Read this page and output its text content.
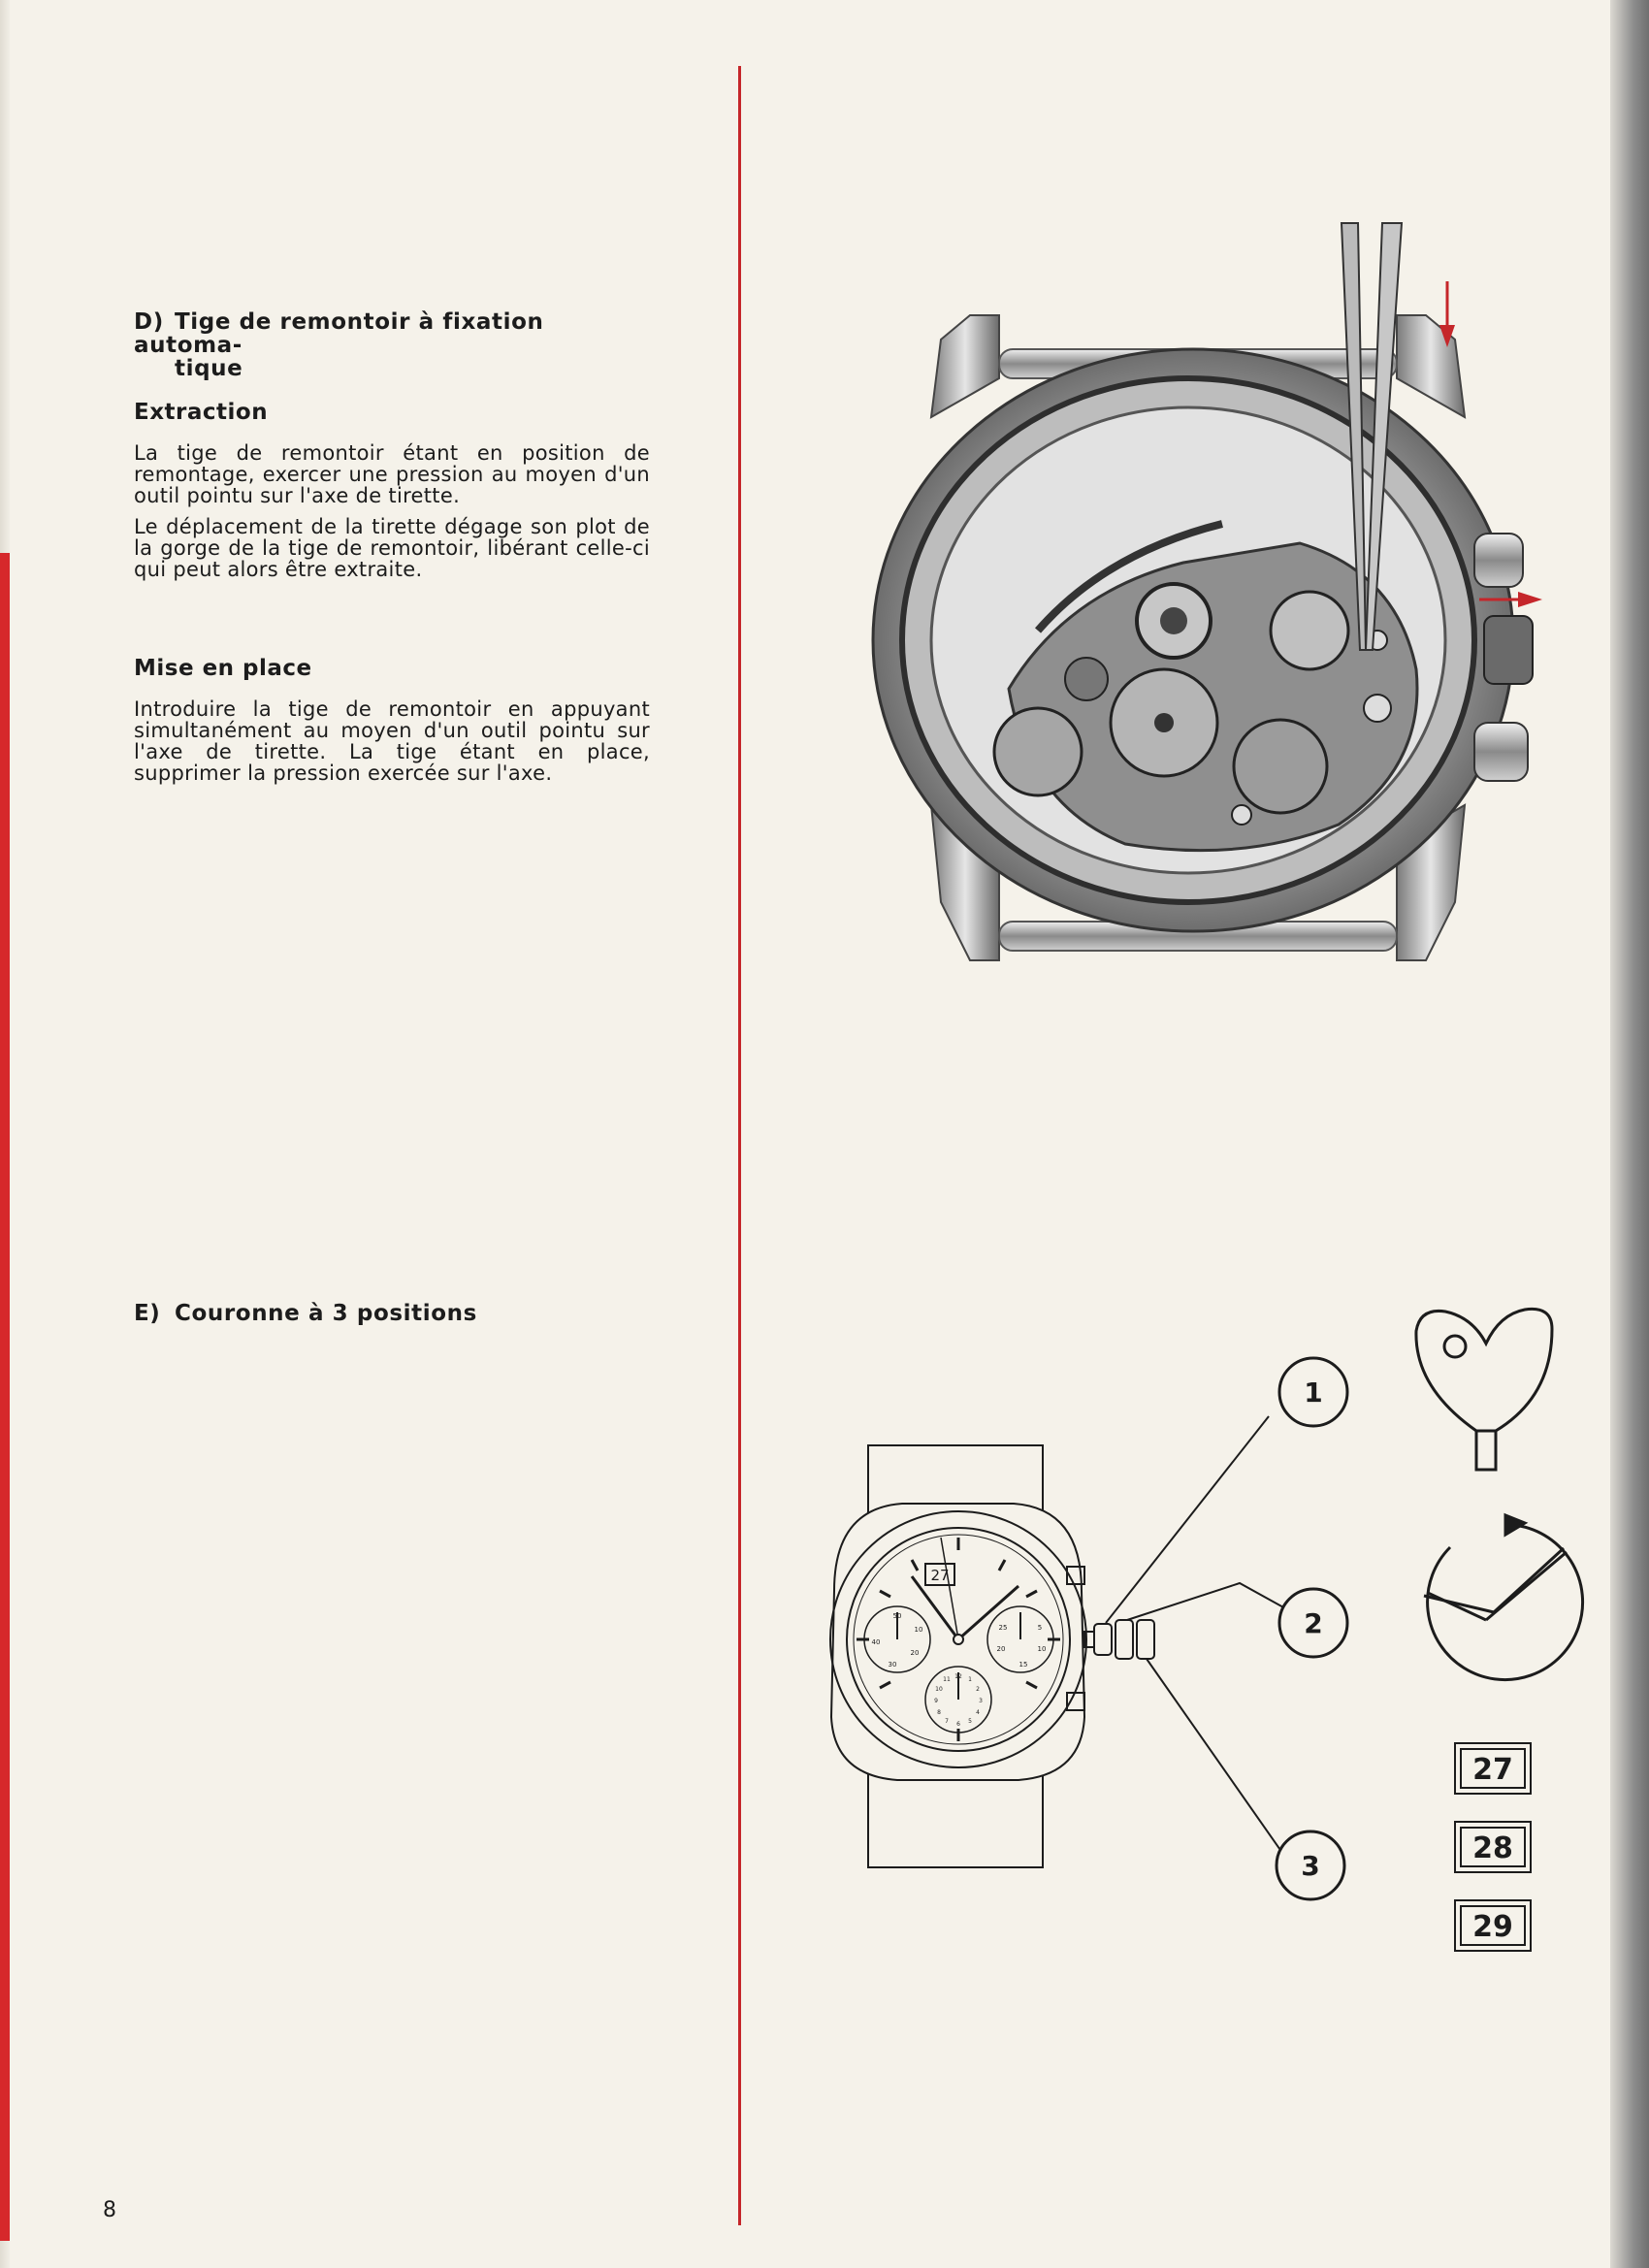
D) Tige de remontoir à fixation automa-
tique
Extraction

La tige de remontoir étant en position de remontage, exercer une pression au moyen d'un outil pointu sur l'axe de tirette.

Le déplacement de la tirette dégage son plot de la gorge de la tige de remontoir, libérant celle-ci qui peut alors être extraite.

Mise en place

Introduire la tige de remontoir en appuyant simultanément au moyen d'un outil pointu sur l'axe de tirette. La tige étant en place, supprimer la pression exercée sur l'axe.

E) Couronne à 3 positions
27
50
10
20
30
40
5
10
15
20
25
12 1
2
3
4
5
6
7
8
9
10
11
1
2
3
27
28
29
8
